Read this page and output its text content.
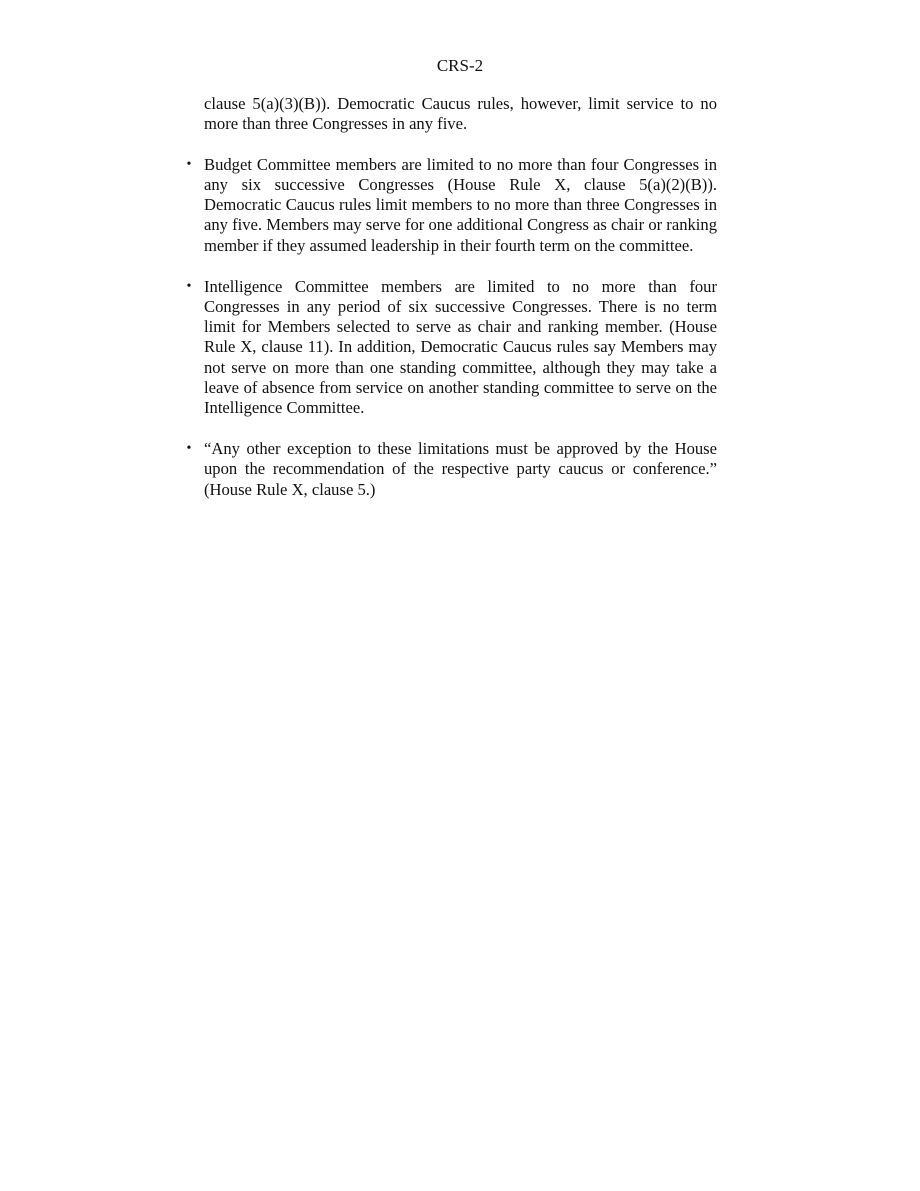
CRS-2

clause 5(a)(3)(B)). Democratic Caucus rules, however, limit service to no more than three Congresses in any five.

• Budget Committee members are limited to no more than four Congresses in any six successive Congresses (House Rule X, clause 5(a)(2)(B)). Democratic Caucus rules limit members to no more than three Congresses in any five. Members may serve for one additional Congress as chair or ranking member if they assumed leadership in their fourth term on the committee.
• Intelligence Committee members are limited to no more than four Congresses in any period of six successive Congresses. There is no term limit for Members selected to serve as chair and ranking member. (House Rule X, clause 11). In addition, Democratic Caucus rules say Members may not serve on more than one standing committee, although they may take a leave of absence from service on another standing committee to serve on the Intelligence Committee.
• “Any other exception to these limitations must be approved by the House upon the recommendation of the respective party caucus or conference.” (House Rule X, clause 5.)
